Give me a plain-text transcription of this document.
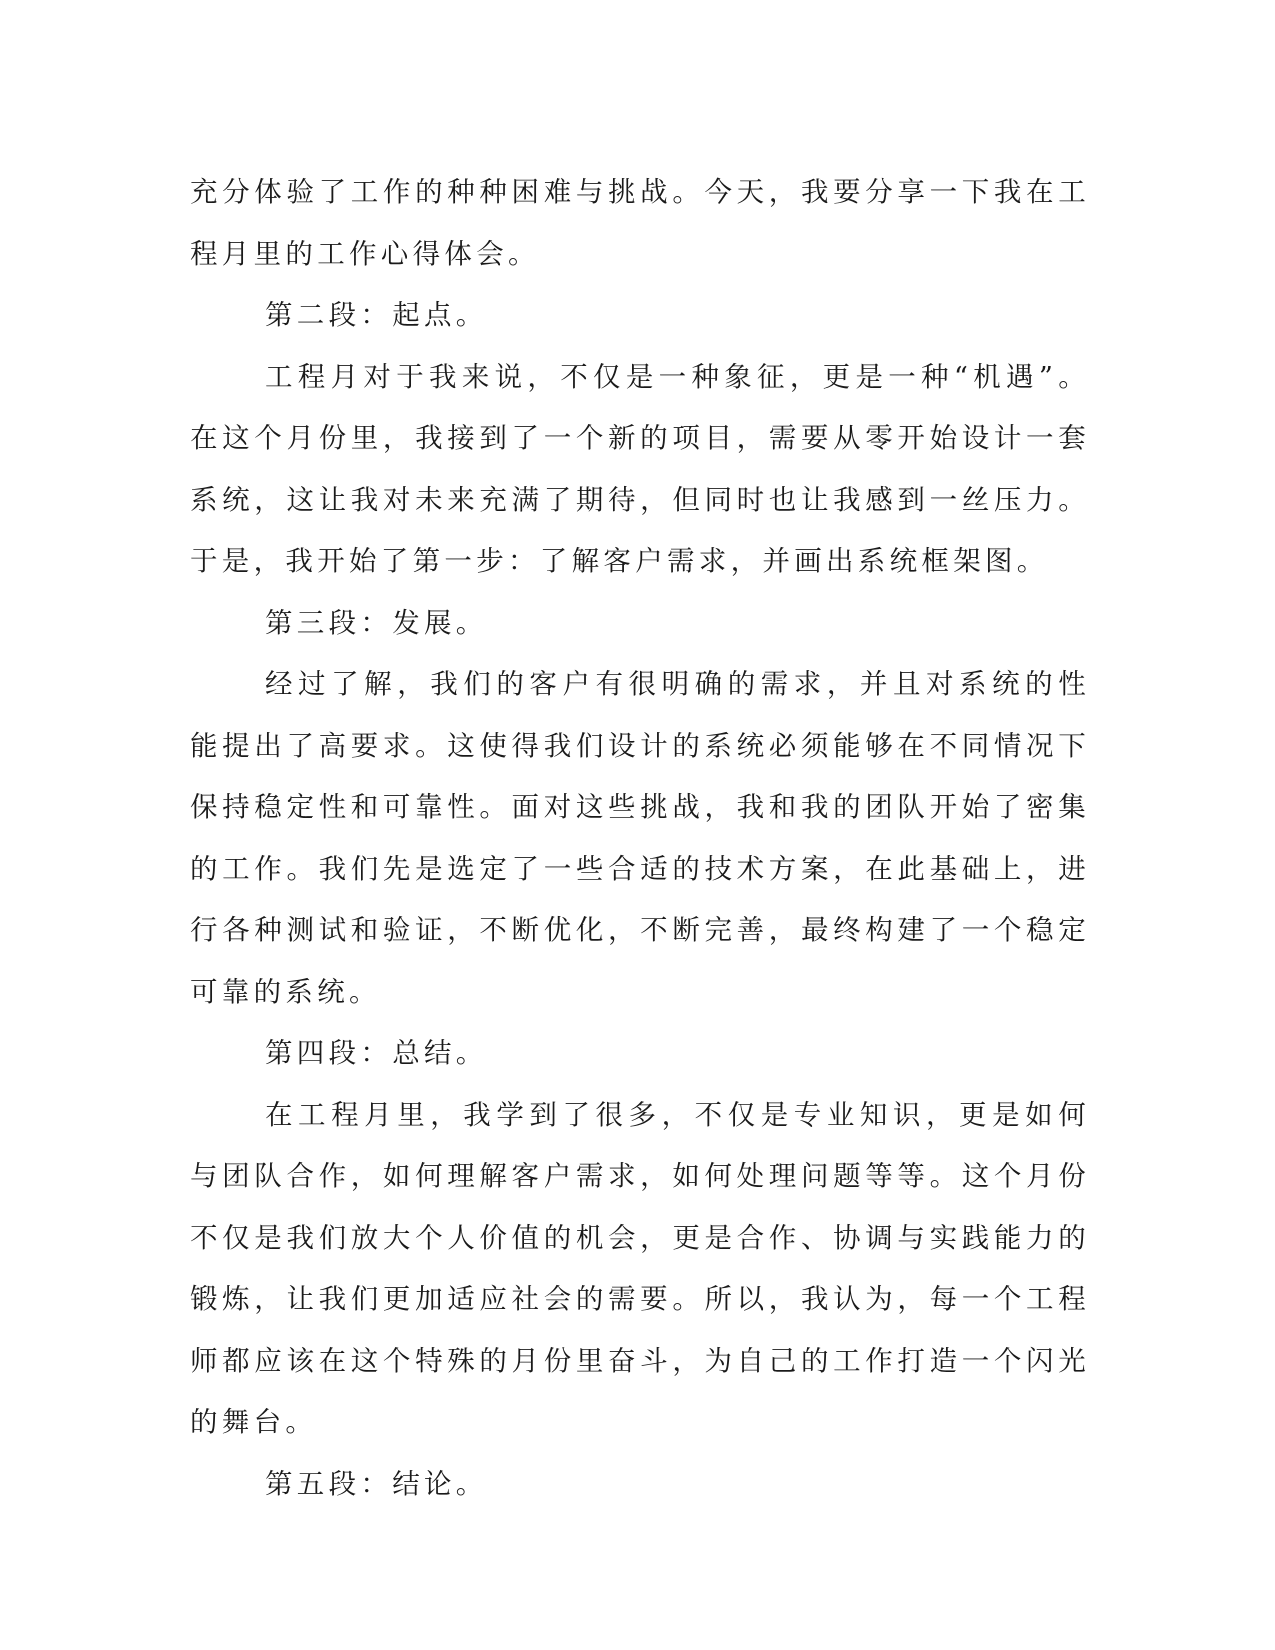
充分体验了工作的种种困难与挑战。今天，我要分享一下我在工程月里的工作心得体会。

第二段：起点。

工程月对于我来说，不仅是一种象征，更是一种“机遇”。在这个月份里，我接到了一个新的项目，需要从零开始设计一套系统，这让我对未来充满了期待，但同时也让我感到一丝压力。于是，我开始了第一步：了解客户需求，并画出系统框架图。

第三段：发展。

经过了解，我们的客户有很明确的需求，并且对系统的性能提出了高要求。这使得我们设计的系统必须能够在不同情况下保持稳定性和可靠性。面对这些挑战，我和我的团队开始了密集的工作。我们先是选定了一些合适的技术方案，在此基础上，进行各种测试和验证，不断优化，不断完善，最终构建了一个稳定可靠的系统。

第四段：总结。

在工程月里，我学到了很多，不仅是专业知识，更是如何与团队合作，如何理解客户需求，如何处理问题等等。这个月份不仅是我们放大个人价值的机会，更是合作、协调与实践能力的锻炼，让我们更加适应社会的需要。所以，我认为，每一个工程师都应该在这个特殊的月份里奋斗，为自己的工作打造一个闪光的舞台。

第五段：结论。
